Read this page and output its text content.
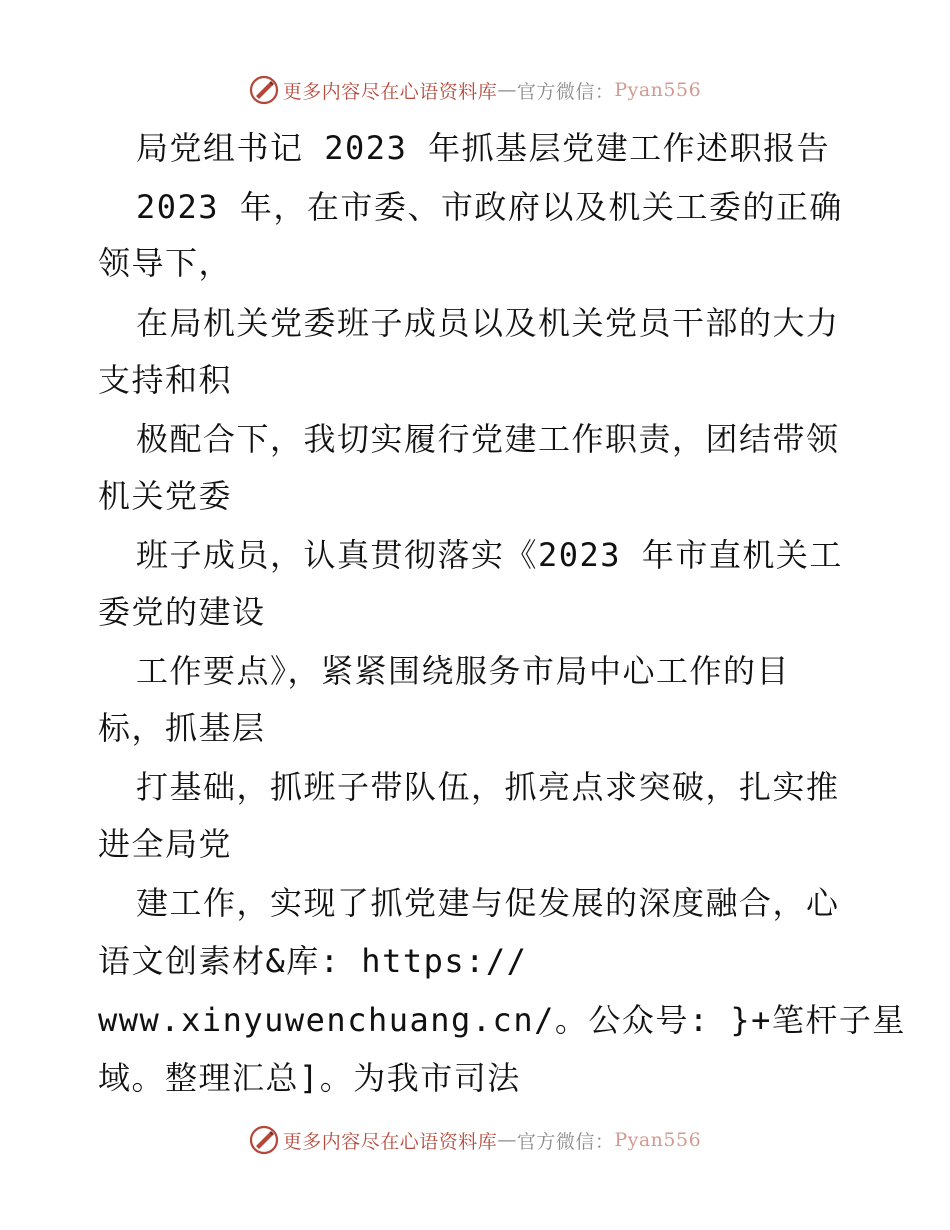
更多内容尽在心语资料库 — 官方微信： Pyan556
局党组书记 2023 年抓基层党建工作述职报告
2023 年，在市委、市政府以及机关工委的正确
领导下，
在局机关党委班子成员以及机关党员干部的大力
支持和积
极配合下，我切实履行党建工作职责，团结带领
机关党委
班子成员，认真贯彻落实《2023 年市直机关工
委党的建设
工作要点》，紧紧围绕服务市局中心工作的目
标，抓基层
打基础，抓班子带队伍，抓亮点求突破，扎实推
进全局党
建工作，实现了抓党建与促发展的深度融合，心
语文创素材&库: https://
www.xinyuwenchuang.cn/。公众号: }+笔杆子星
域。整理汇总]。为我市司法
更多内容尽在心语资料库 — 官方微信： Pyan556
